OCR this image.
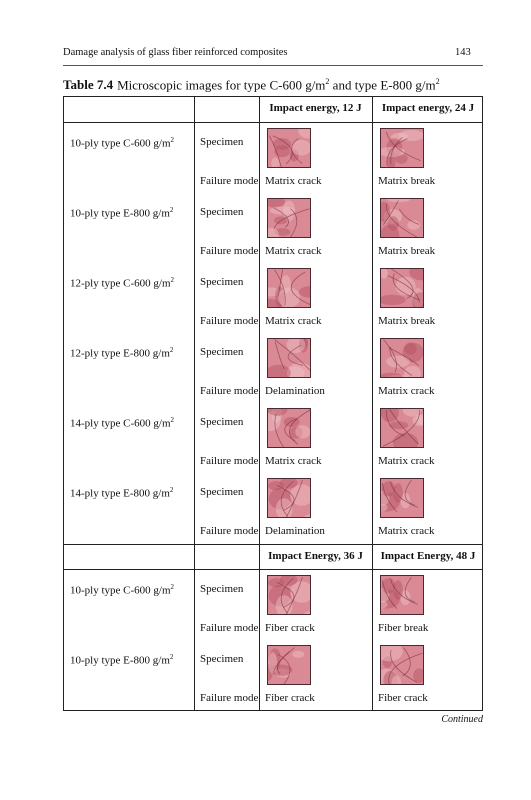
Damage analysis of glass fiber reinforced composites	143
Table 7.4 Microscopic images for type C-600 $g/m^2$ and type E-800 $g/m^2$
Impact energy, 12 J	Impact energy, 24 J
10-ply type C-600 $g/m^2$ Specimen
Failure mode Matrix crack	Matrix break
10-ply type E-800 $g/m^2$ Specimen
Failure mode Matrix crack	Matrix break
12-ply type C-600 $g/m^2$ Specimen
Failure mode Matrix crack	Matrix break
12-ply type E-800 $g/m^2$ Specimen
Failure mode Delamination	Matrix crack
14-ply type C-600 $g/m^2$ Specimen
Failure mode Matrix crack	Matrix crack
14-ply type E-800 $g/m^2$ Specimen
Failure mode Delamination	Matrix crack
Impact Energy, 36 J	Impact Energy, 48 J
10-ply type C-600 $g/m^2$ Specimen
Failure mode Fiber crack	Fiber break
10-ply type E-800 $g/m^2$ Specimen
Failure mode Fiber crack	Fiber crack
Continued
